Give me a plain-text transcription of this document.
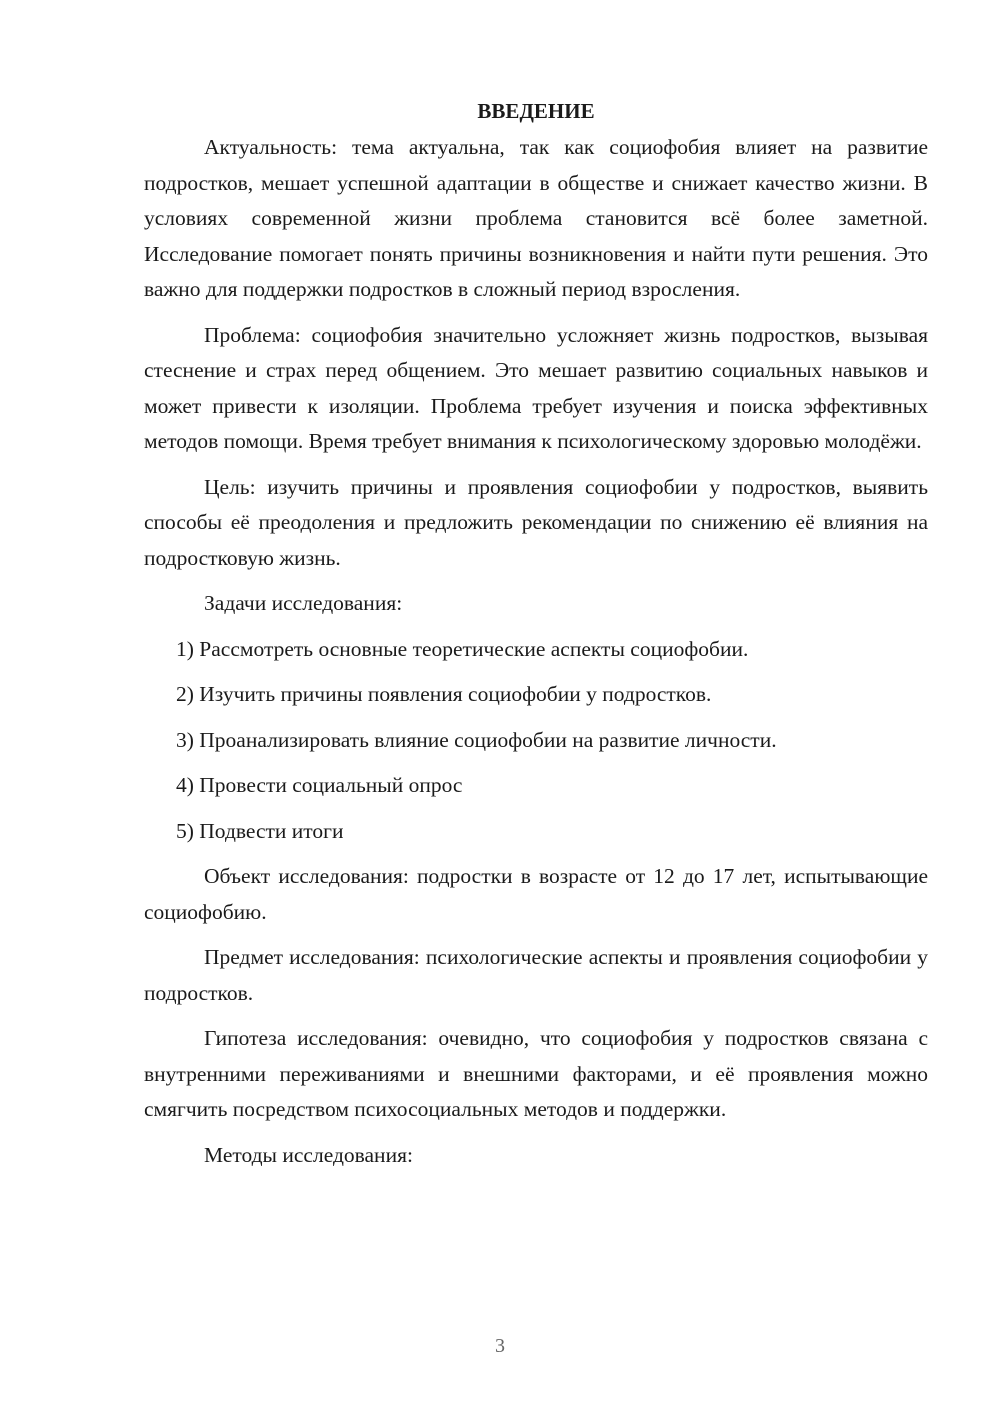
ВВЕДЕНИЕ

Актуальность: тема актуальна, так как социофобия влияет на развитие подростков, мешает успешной адаптации в обществе и снижает качество жизни. В условиях современной жизни проблема становится всё более заметной. Исследование помогает понять причины возникновения и найти пути решения. Это важно для поддержки подростков в сложный период взросления.

Проблема: социофобия значительно усложняет жизнь подростков, вызывая стеснение и страх перед общением. Это мешает развитию социальных навыков и может привести к изоляции. Проблема требует изучения и поиска эффективных методов помощи. Время требует внимания к психологическому здоровью молодёжи.

Цель: изучить причины и проявления социофобии у подростков, выявить способы её преодоления и предложить рекомендации по снижению её влияния на подростковую жизнь.

Задачи исследования:

1) Рассмотреть основные теоретические аспекты социофобии.
2) Изучить причины появления социофобии у подростков.
3) Проанализировать влияние социофобии на развитие личности.
4) Провести социальный опрос
5) Подвести итоги

Объект исследования: подростки в возрасте от 12 до 17 лет, испытывающие социофобию.

Предмет исследования: психологические аспекты и проявления социофобии у подростков.

Гипотеза исследования: очевидно, что социофобия у подростков связана с внутренними переживаниями и внешними факторами, и её проявления можно смягчить посредством психосоциальных методов и поддержки.

Методы исследования:

3
